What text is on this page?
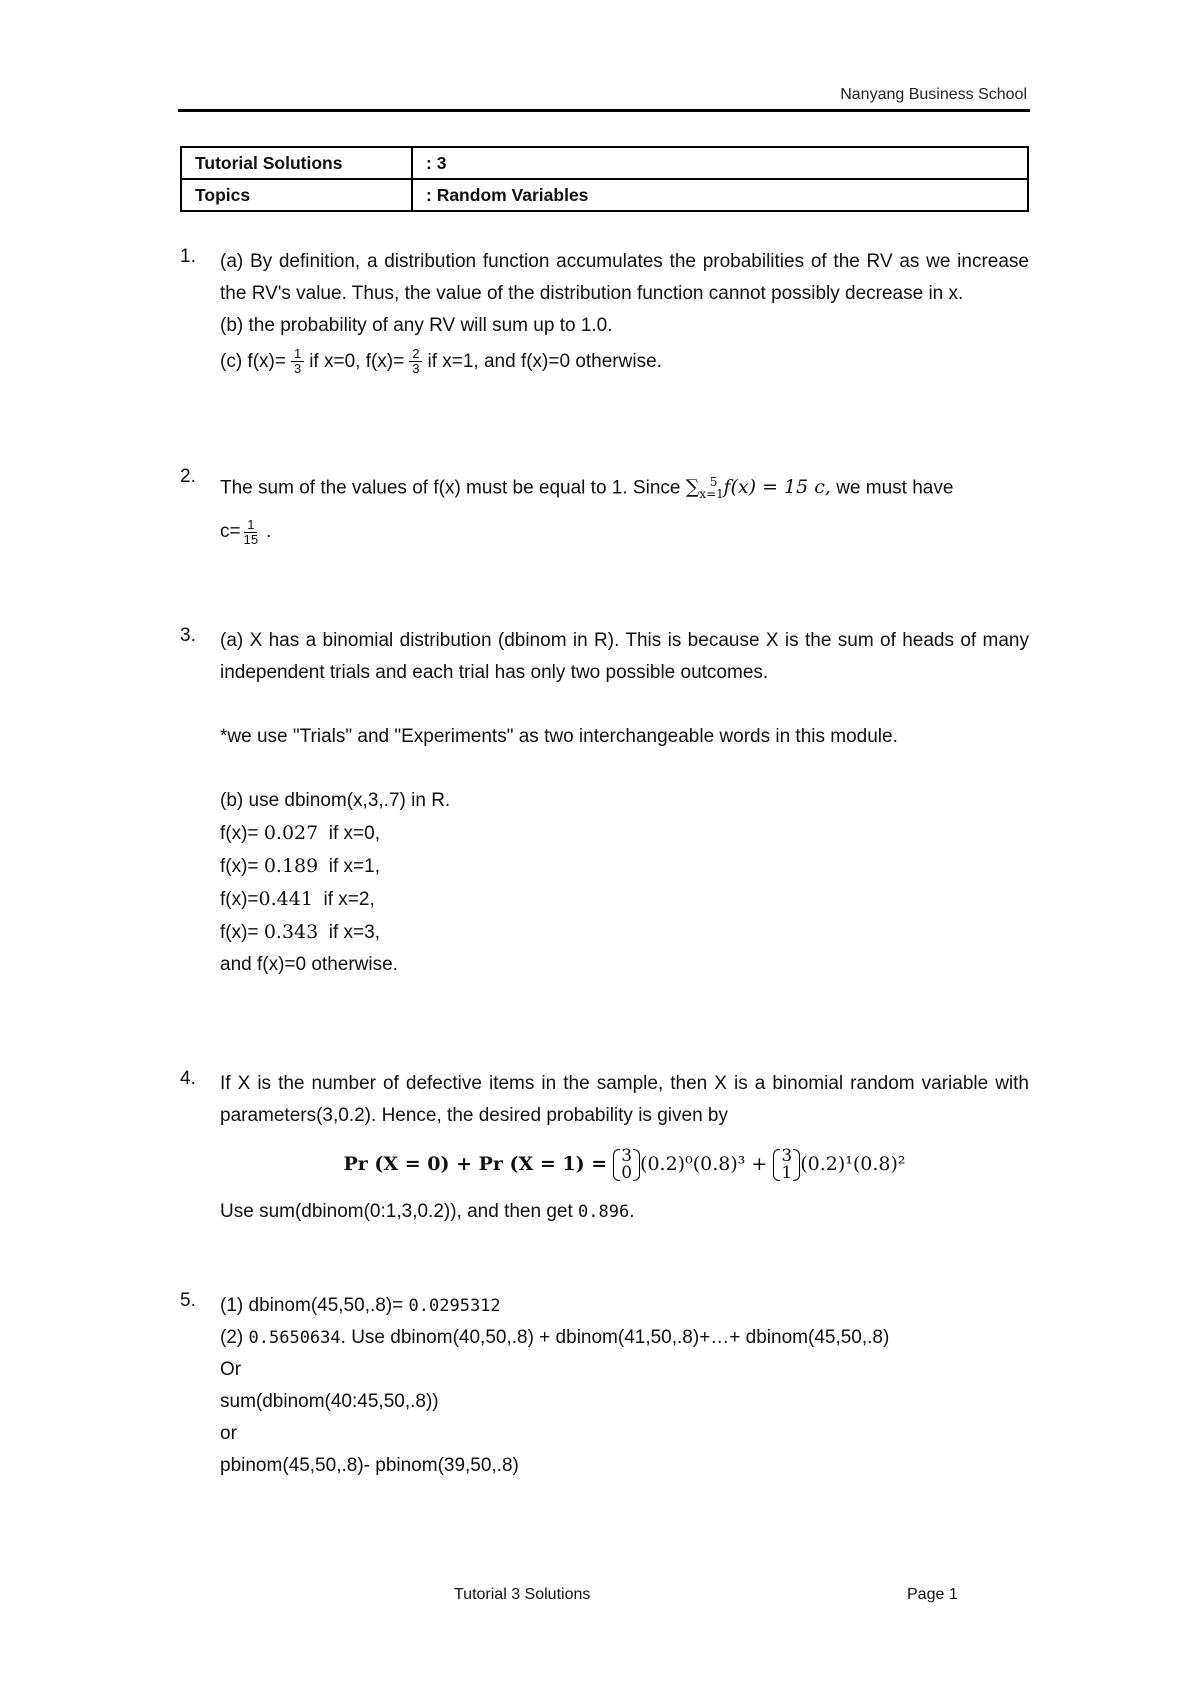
Nanyang Business School
Tutorial Solutions	: 3
Topics	: Random Variables
1. (a) By definition, a distribution function accumulates the probabilities of the RV as we increase the RV's value. Thus, the value of the distribution function cannot possibly decrease in x.
(b) the probability of any RV will sum up to 1.0.
(c) $f(x)= \frac{1}{3}$ if x=0, $f(x)= \frac{2}{3}$ if x=1, and f(x)=0 otherwise.
2.
The sum of the values of f(x) must be equal to 1. Since $\sum_{x=1}^5$ f(x) = 15 c, we must have
$c= \frac{1}{15}$ .
3. (a) X has a binomial distribution (dbinom in R). This is because X is the sum of heads of many independent trials and each trial has only two possible outcomes.
*we use "Trials" and "Experiments" as two interchangeable words in this module.
(b) use dbinom(x,3,.7) in R.
f(x)= 0.027 if x=0,
f(x)= 0.189 if x=1,
f(x)=0.441 if x=2,
f(x)= 0.343 if x=3,
and f(x)=0 otherwise.
4. If X is the number of defective items in the sample, then X is a binomial random variable with parameters(3,0.2). Hence, the desired probability is given by
Pr (X = 0) + Pr (X = 1) = 3
0 (0.2)⁰(0.8)³ + 3
1 (0.2)¹(0.8)²
Use sum(dbinom(0:1,3,0.2)), and then get 0.896.
5. (1) dbinom(45,50,.8)= 0.0295312
(2) 0.5650634. Use dbinom(40,50,.8) + dbinom(41,50,.8)+…+ dbinom(45,50,.8)
Or
sum(dbinom(40:45,50,.8))
or
pbinom(45,50,.8)- pbinom(39,50,.8)
Tutorial 3 Solutions	Page 1
